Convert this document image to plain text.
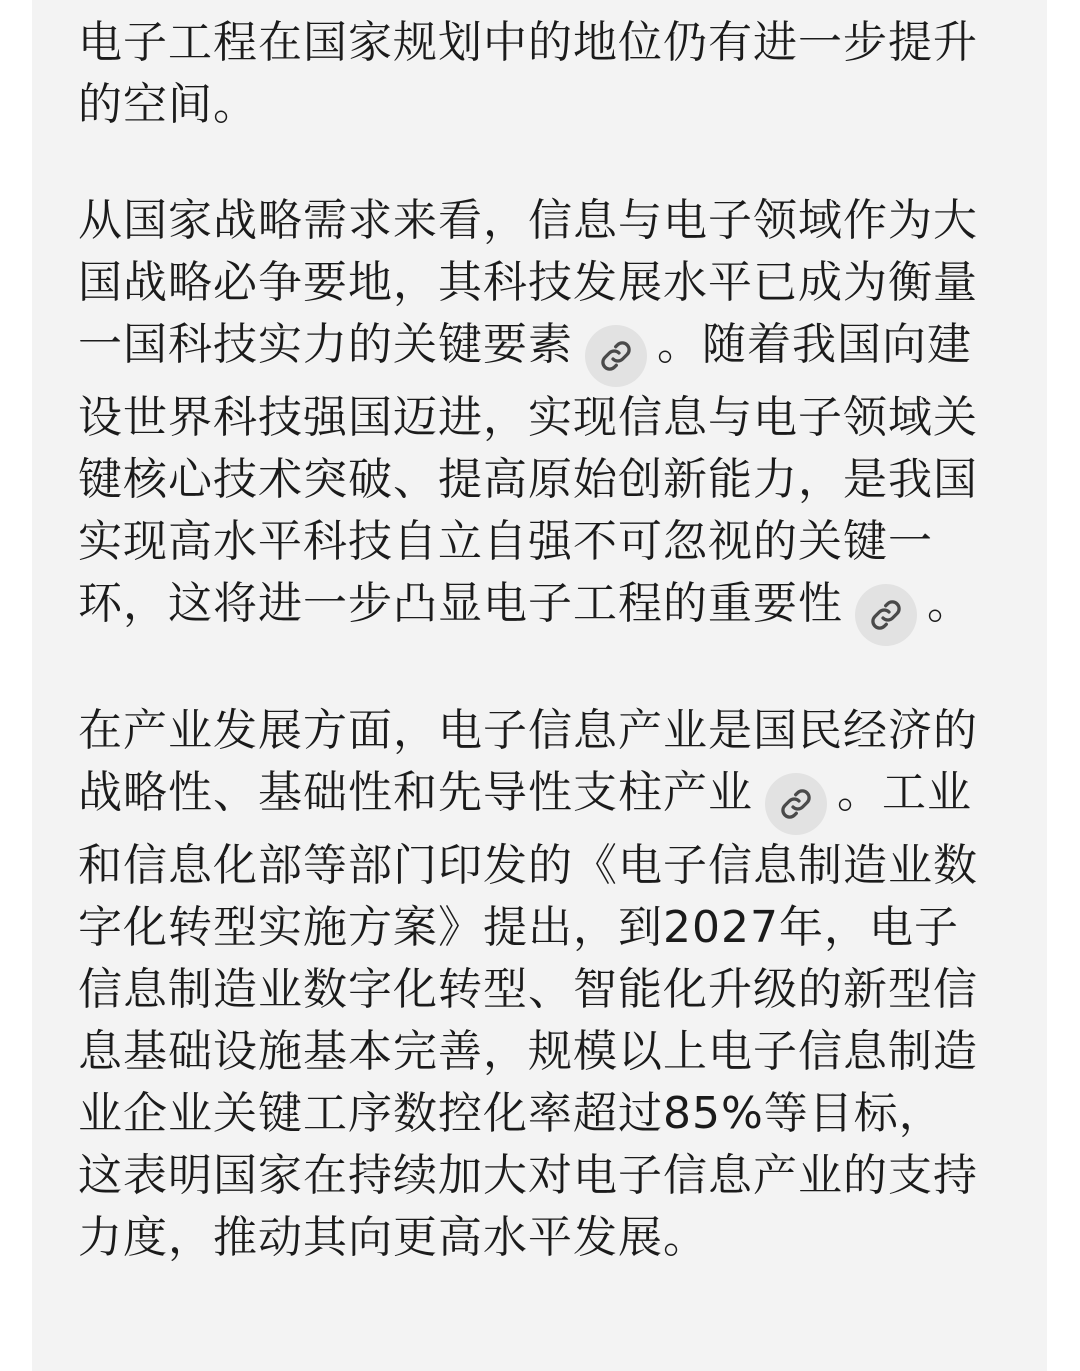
电子工程在国家规划中的地位仍有进一步提升的空间。

从国家战略需求来看，信息与电子领域作为大国战略必争要地，其科技发展水平已成为衡量一国科技实力的关键要素 。随着我国向建设世界科技强国迈进，实现信息与电子领域关键核心技术突破、提高原始创新能力，是我国实现高水平科技自立自强不可忽视的关键一环，这将进一步凸显电子工程的重要性 。

在产业发展方面，电子信息产业是国民经济的战略性、基础性和先导性支柱产业 。工业和信息化部等部门印发的《电子信息制造业数字化转型实施方案》提出，到2027年，电子信息制造业数字化转型、智能化升级的新型信息基础设施基本完善，规模以上电子信息制造业企业关键工序数控化率超过85%等目标，这表明国家在持续加大对电子信息产业的支持力度，推动其向更高水平发展。
